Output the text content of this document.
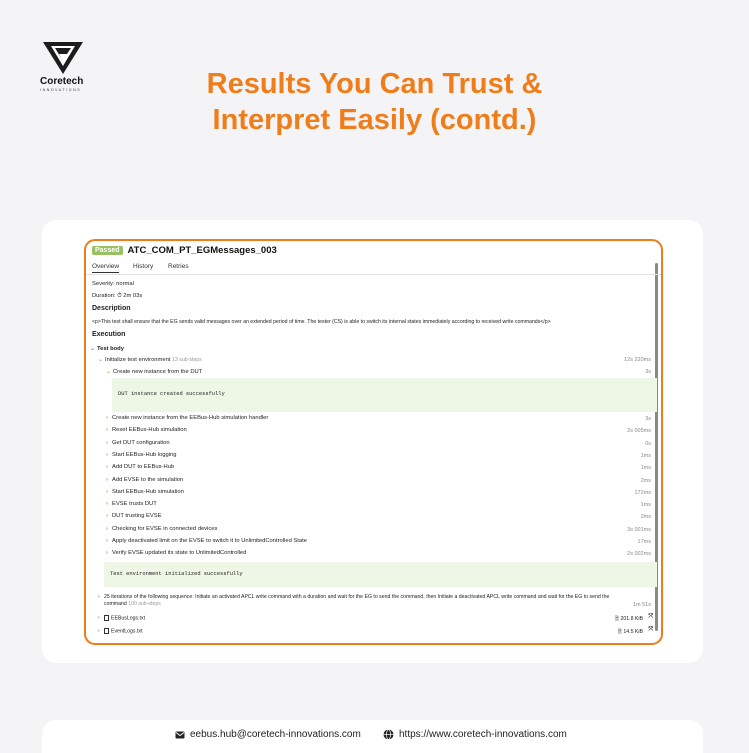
Coretech
INNOVATIONS	Results You Can Trust &
Interpret Easily (contd.)
Passed ATC_COM_PT_EGMessages_003
Overview History Retries
Severity: normal
Duration: ⏱ 2m 03s
Description
<p>This test shall ensure that the EG sends valid messages over an extended period of time. The tester (CS) is able to switch its internal states immediately according to received write commands</p>
Execution
⌄ Test body
⌄ Initialize test environment 13 sub-steps	12s 220ms
⌄ Create new instance from the DUT	3s
DUT instance created successfully
› Create new instance from the EEBus-Hub simulation handler	3s
› Reset EEBus-Hub simulation	2s 005ms
› Get DUT configuration	0s
› Start EEBus-Hub logging	1ms
› Add DUT to EEBus-Hub	1ms
› Add EVSE to the simulation	2ms
› Start EEBus-Hub simulation	172ms
› EVSE trusts DUT	1ms
› DUT trusting EVSE	2ms
› Checking for EVSE in connected devices	3s 001ms
› Apply deactivated limit on the EVSE to switch it to UnlimitedControlled State	17ms
› Verify EVSE updated its state to UnlimitedControlled	2s 002ms
Test environment initialized successfully
› 25 iterations of the following sequence: Initiate an activated APCL write command with a duration and wait for the EG to send the command, then Initiate a deactivated APCL write command and wait for the EG to send the
command 100 sub-steps	1m 51s
› EEBusLogs.txt	🗎 201.8 KiB ⤧
› EventLogs.txt	🗎 14.5 KiB ⤧
eebus.hub@coretech-innovations.com	https://www.coretech-innovations.com
